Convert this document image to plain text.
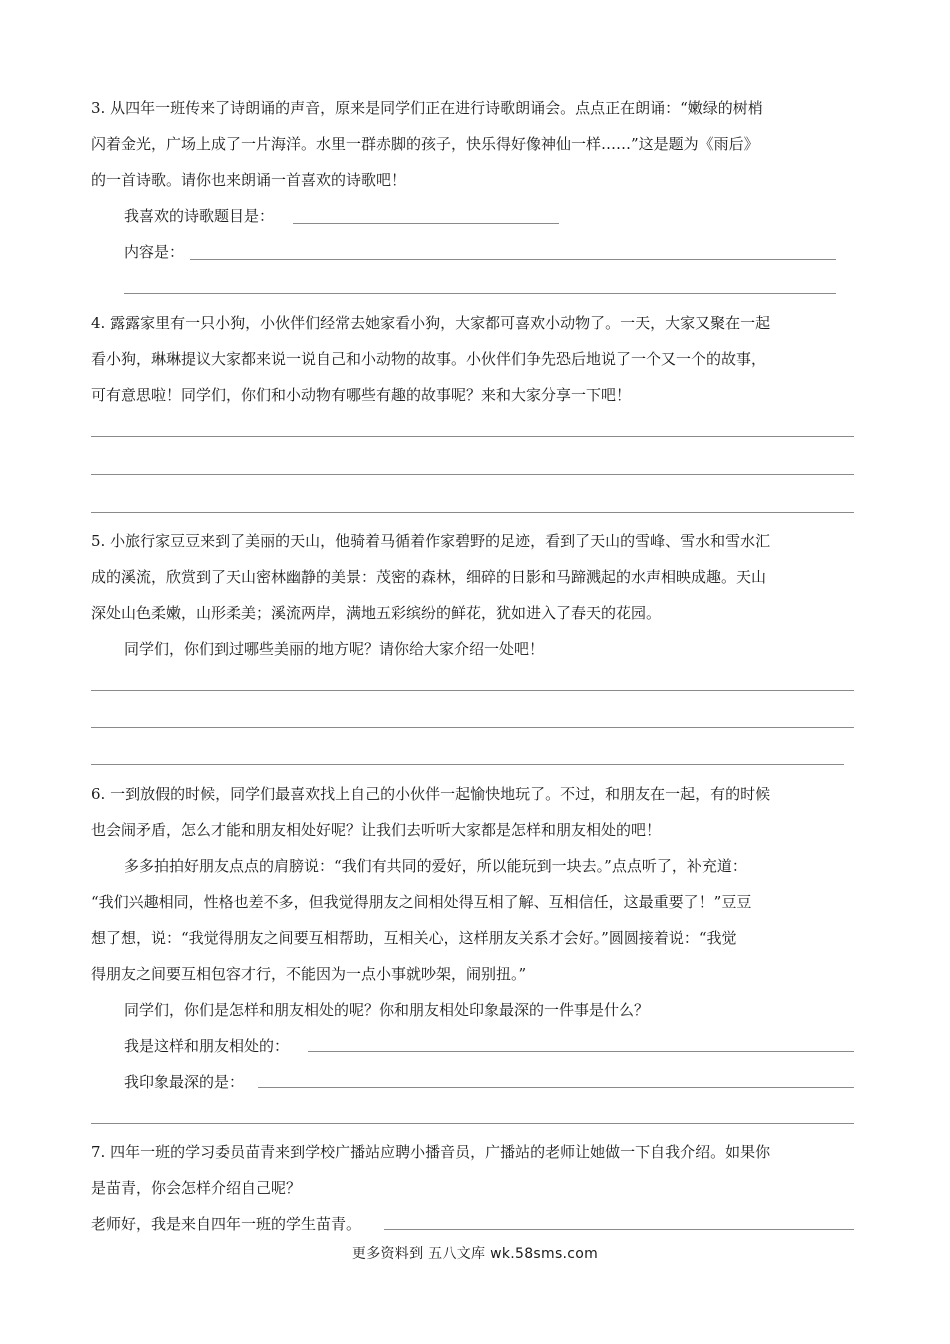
3. 从四年一班传来了诗朗诵的声音，原来是同学们正在进行诗歌朗诵会。点点正在朗诵：“嫩绿的树梢
闪着金光，广场上成了一片海洋。水里一群赤脚的孩子，快乐得好像神仙一样……”这是题为《雨后》
的一首诗歌。请你也来朗诵一首喜欢的诗歌吧！
我喜欢的诗歌题目是：
内容是：
4. 露露家里有一只小狗，小伙伴们经常去她家看小狗，大家都可喜欢小动物了。一天，大家又聚在一起
看小狗，琳琳提议大家都来说一说自己和小动物的故事。小伙伴们争先恐后地说了一个又一个的故事，
可有意思啦！同学们，你们和小动物有哪些有趣的故事呢？来和大家分享一下吧！
5. 小旅行家豆豆来到了美丽的天山，他骑着马循着作家碧野的足迹，看到了天山的雪峰、雪水和雪水汇
成的溪流，欣赏到了天山密林幽静的美景：茂密的森林，细碎的日影和马蹄溅起的水声相映成趣。天山
深处山色柔嫩，山形柔美；溪流两岸，满地五彩缤纷的鲜花，犹如进入了春天的花园。
同学们，你们到过哪些美丽的地方呢？请你给大家介绍一处吧！
6. 一到放假的时候，同学们最喜欢找上自己的小伙伴一起愉快地玩了。不过，和朋友在一起，有的时候
也会闹矛盾，怎么才能和朋友相处好呢？让我们去听听大家都是怎样和朋友相处的吧！
多多拍拍好朋友点点的肩膀说：“我们有共同的爱好，所以能玩到一块去。”点点听了，补充道：
“我们兴趣相同，性格也差不多，但我觉得朋友之间相处得互相了解、互相信任，这最重要了！”豆豆
想了想，说：“我觉得朋友之间要互相帮助，互相关心，这样朋友关系才会好。”圆圆接着说：“我觉
得朋友之间要互相包容才行，不能因为一点小事就吵架，闹别扭。”
同学们，你们是怎样和朋友相处的呢？你和朋友相处印象最深的一件事是什么？
我是这样和朋友相处的：
我印象最深的是：
7. 四年一班的学习委员苗青来到学校广播站应聘小播音员，广播站的老师让她做一下自我介绍。如果你
是苗青，你会怎样介绍自己呢？
老师好，我是来自四年一班的学生苗青。
更多资料到 五八文库 wk.58sms.com
